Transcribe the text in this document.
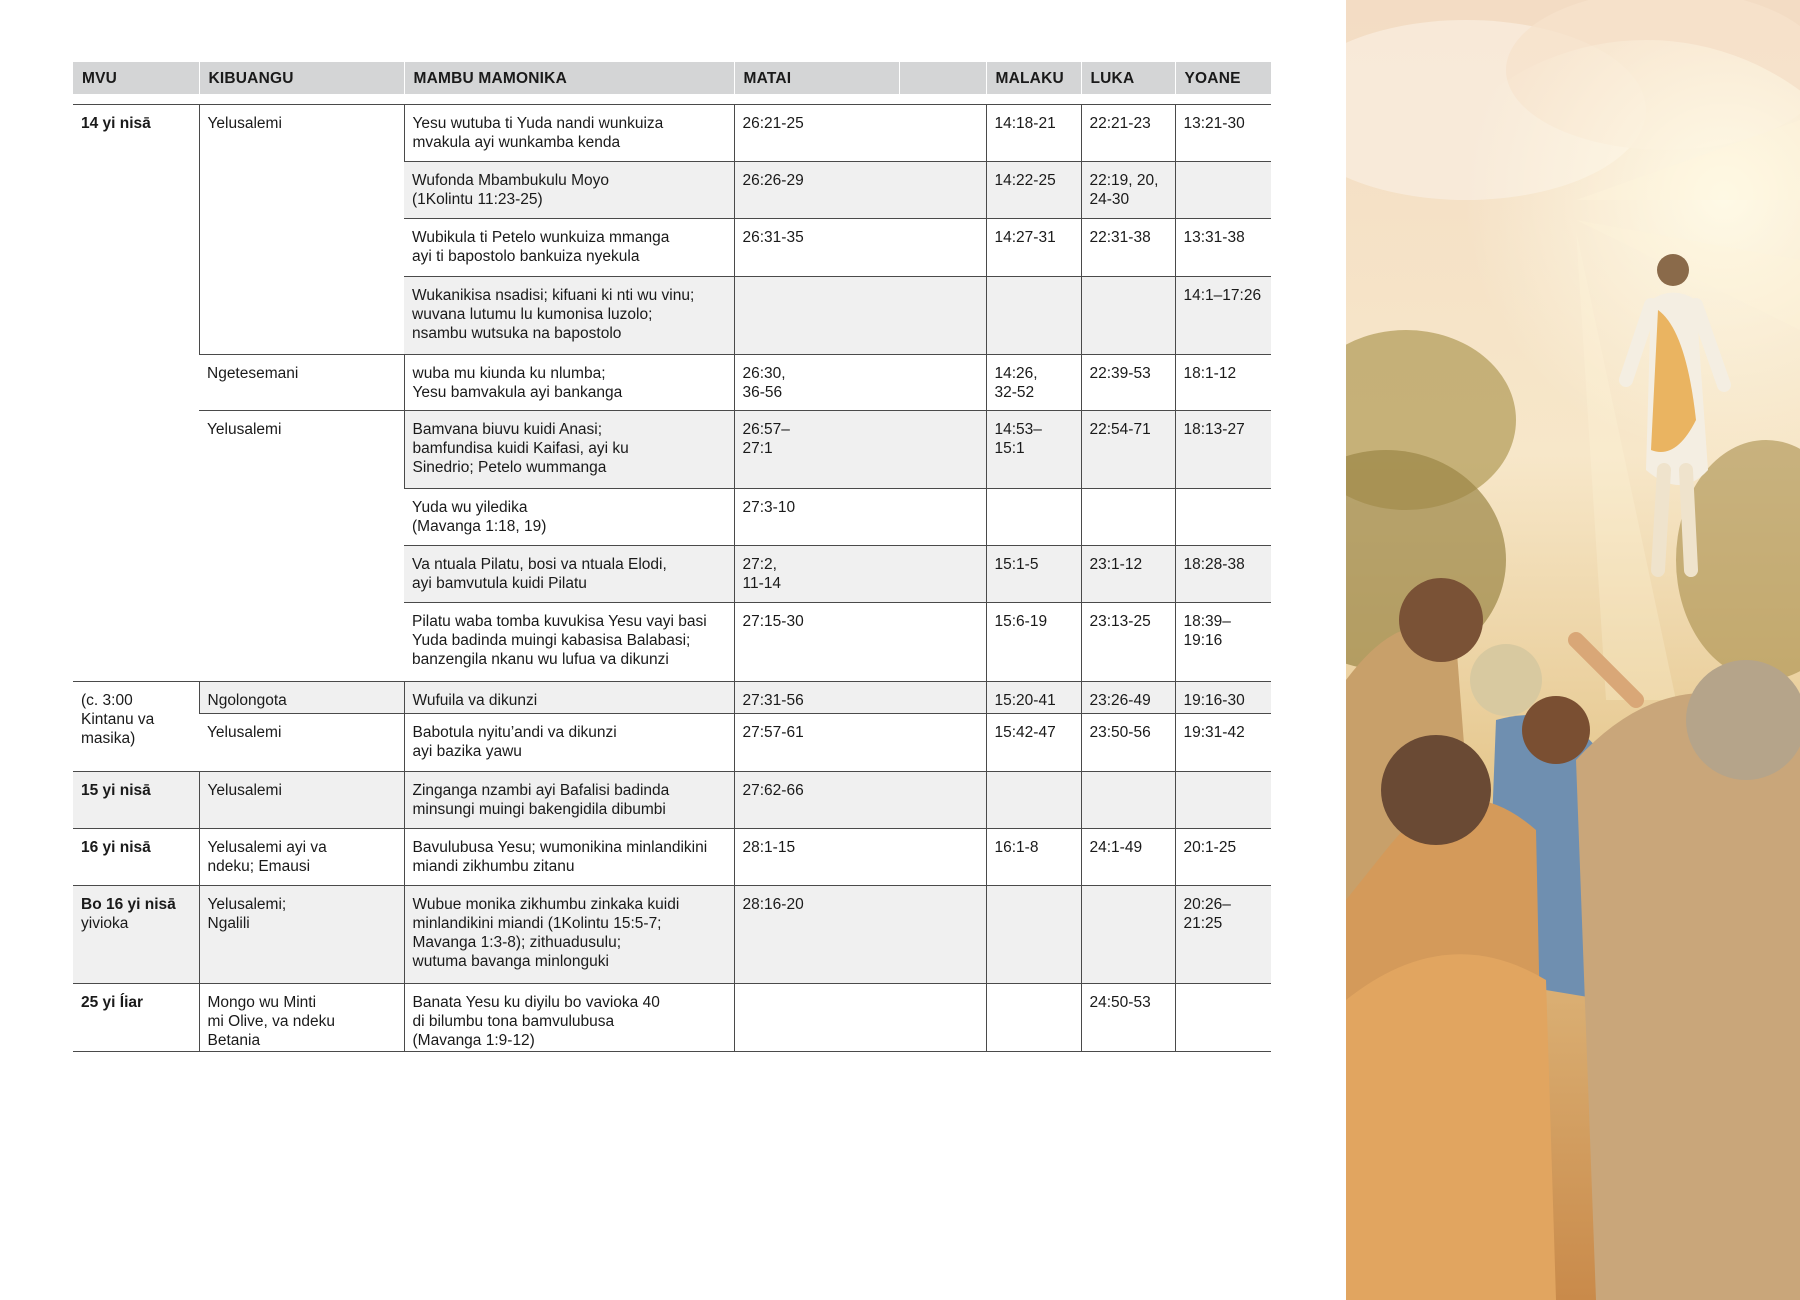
MVU	KIBUANGU	MAMBU MAMONIKA	MATAI		MALAKU	LUKA	YOANE

14 yi nisā	Yelusalemi	Yesu wutuba ti Yuda nandi wunkuiza
mvakula ayi wunkamba kenda	26:21-25		14:18-21	22:21-23	13:21-30
		Wufonda Mbambukulu Moyo
(1Kolintu 11:23-25)	26:26-29		14:22-25	22:19, 20,
24-30	
		Wubikula ti Petelo wunkuiza mmanga
ayi ti bapostolo bankuiza nyekula	26:31-35		14:27-31	22:31-38	13:31-38
		Wukanikisa nsadisi; kifuani ki nti wu vinu;
wuvana lutumu lu kumonisa luzolo;
nsambu wutsuka na bapostolo					14:1–17:26
	Ngetesemani	wuba mu kiunda ku nlumba;
Yesu bamvakula ayi bankanga	26:30,
36-56		14:26,
32-52	22:39-53	18:1-12
	Yelusalemi	Bamvana biuvu kuidi Anasi;
bamfundisa kuidi Kaifasi, ayi ku
Sinedrio; Petelo wummanga	26:57–
27:1		14:53–
15:1	22:54-71	18:13-27
		Yuda wu yiledika
(Mavanga 1:18, 19)	27:3-10				
		Va ntuala Pilatu, bosi va ntuala Elodi,
ayi bamvutula kuidi Pilatu	27:2,
11-14		15:1-5	23:1-12	18:28-38
		Pilatu waba tomba kuvukisa Yesu vayi basi
Yuda badinda muingi kabasisa Balabasi;
banzengila nkanu wu lufua va dikunzi	27:15-30		15:6-19	23:13-25	18:39–
19:16
(c. 3:00
Kintanu va
masika)	Ngolongota	Wufuila va dikunzi	27:31-56		15:20-41	23:26-49	19:16-30
	Yelusalemi	Babotula nyitu’andi va dikunzi
ayi bazika yawu	27:57-61		15:42-47	23:50-56	19:31-42
15 yi nisā	Yelusalemi	Zinganga nzambi ayi Bafalisi badinda
minsungi muingi bakengidila dibumbi	27:62-66				
16 yi nisā	Yelusalemi ayi va
ndeku; Emausi	Bavulubusa Yesu; wumonikina minlandikini
miandi zikhumbu zitanu	28:1-15		16:1-8	24:1-49	20:1-25
Bo 16 yi nisā
yivioka	Yelusalemi;
Ngalili	Wubue monika zikhumbu zinkaka kuidi
minlandikini miandi (1Kolintu 15:5-7;
Mavanga 1:3-8); zithuadusulu;
wutuma bavanga minlonguki	28:16-20				20:26–
21:25
25 yi Íiar	Mongo wu Minti
mi Olive, va ndeku
Betania	Banata Yesu ku diyilu bo vavioka 40
di bilumbu tona bamvulubusa
(Mavanga 1:9-12)				24:50-53	
